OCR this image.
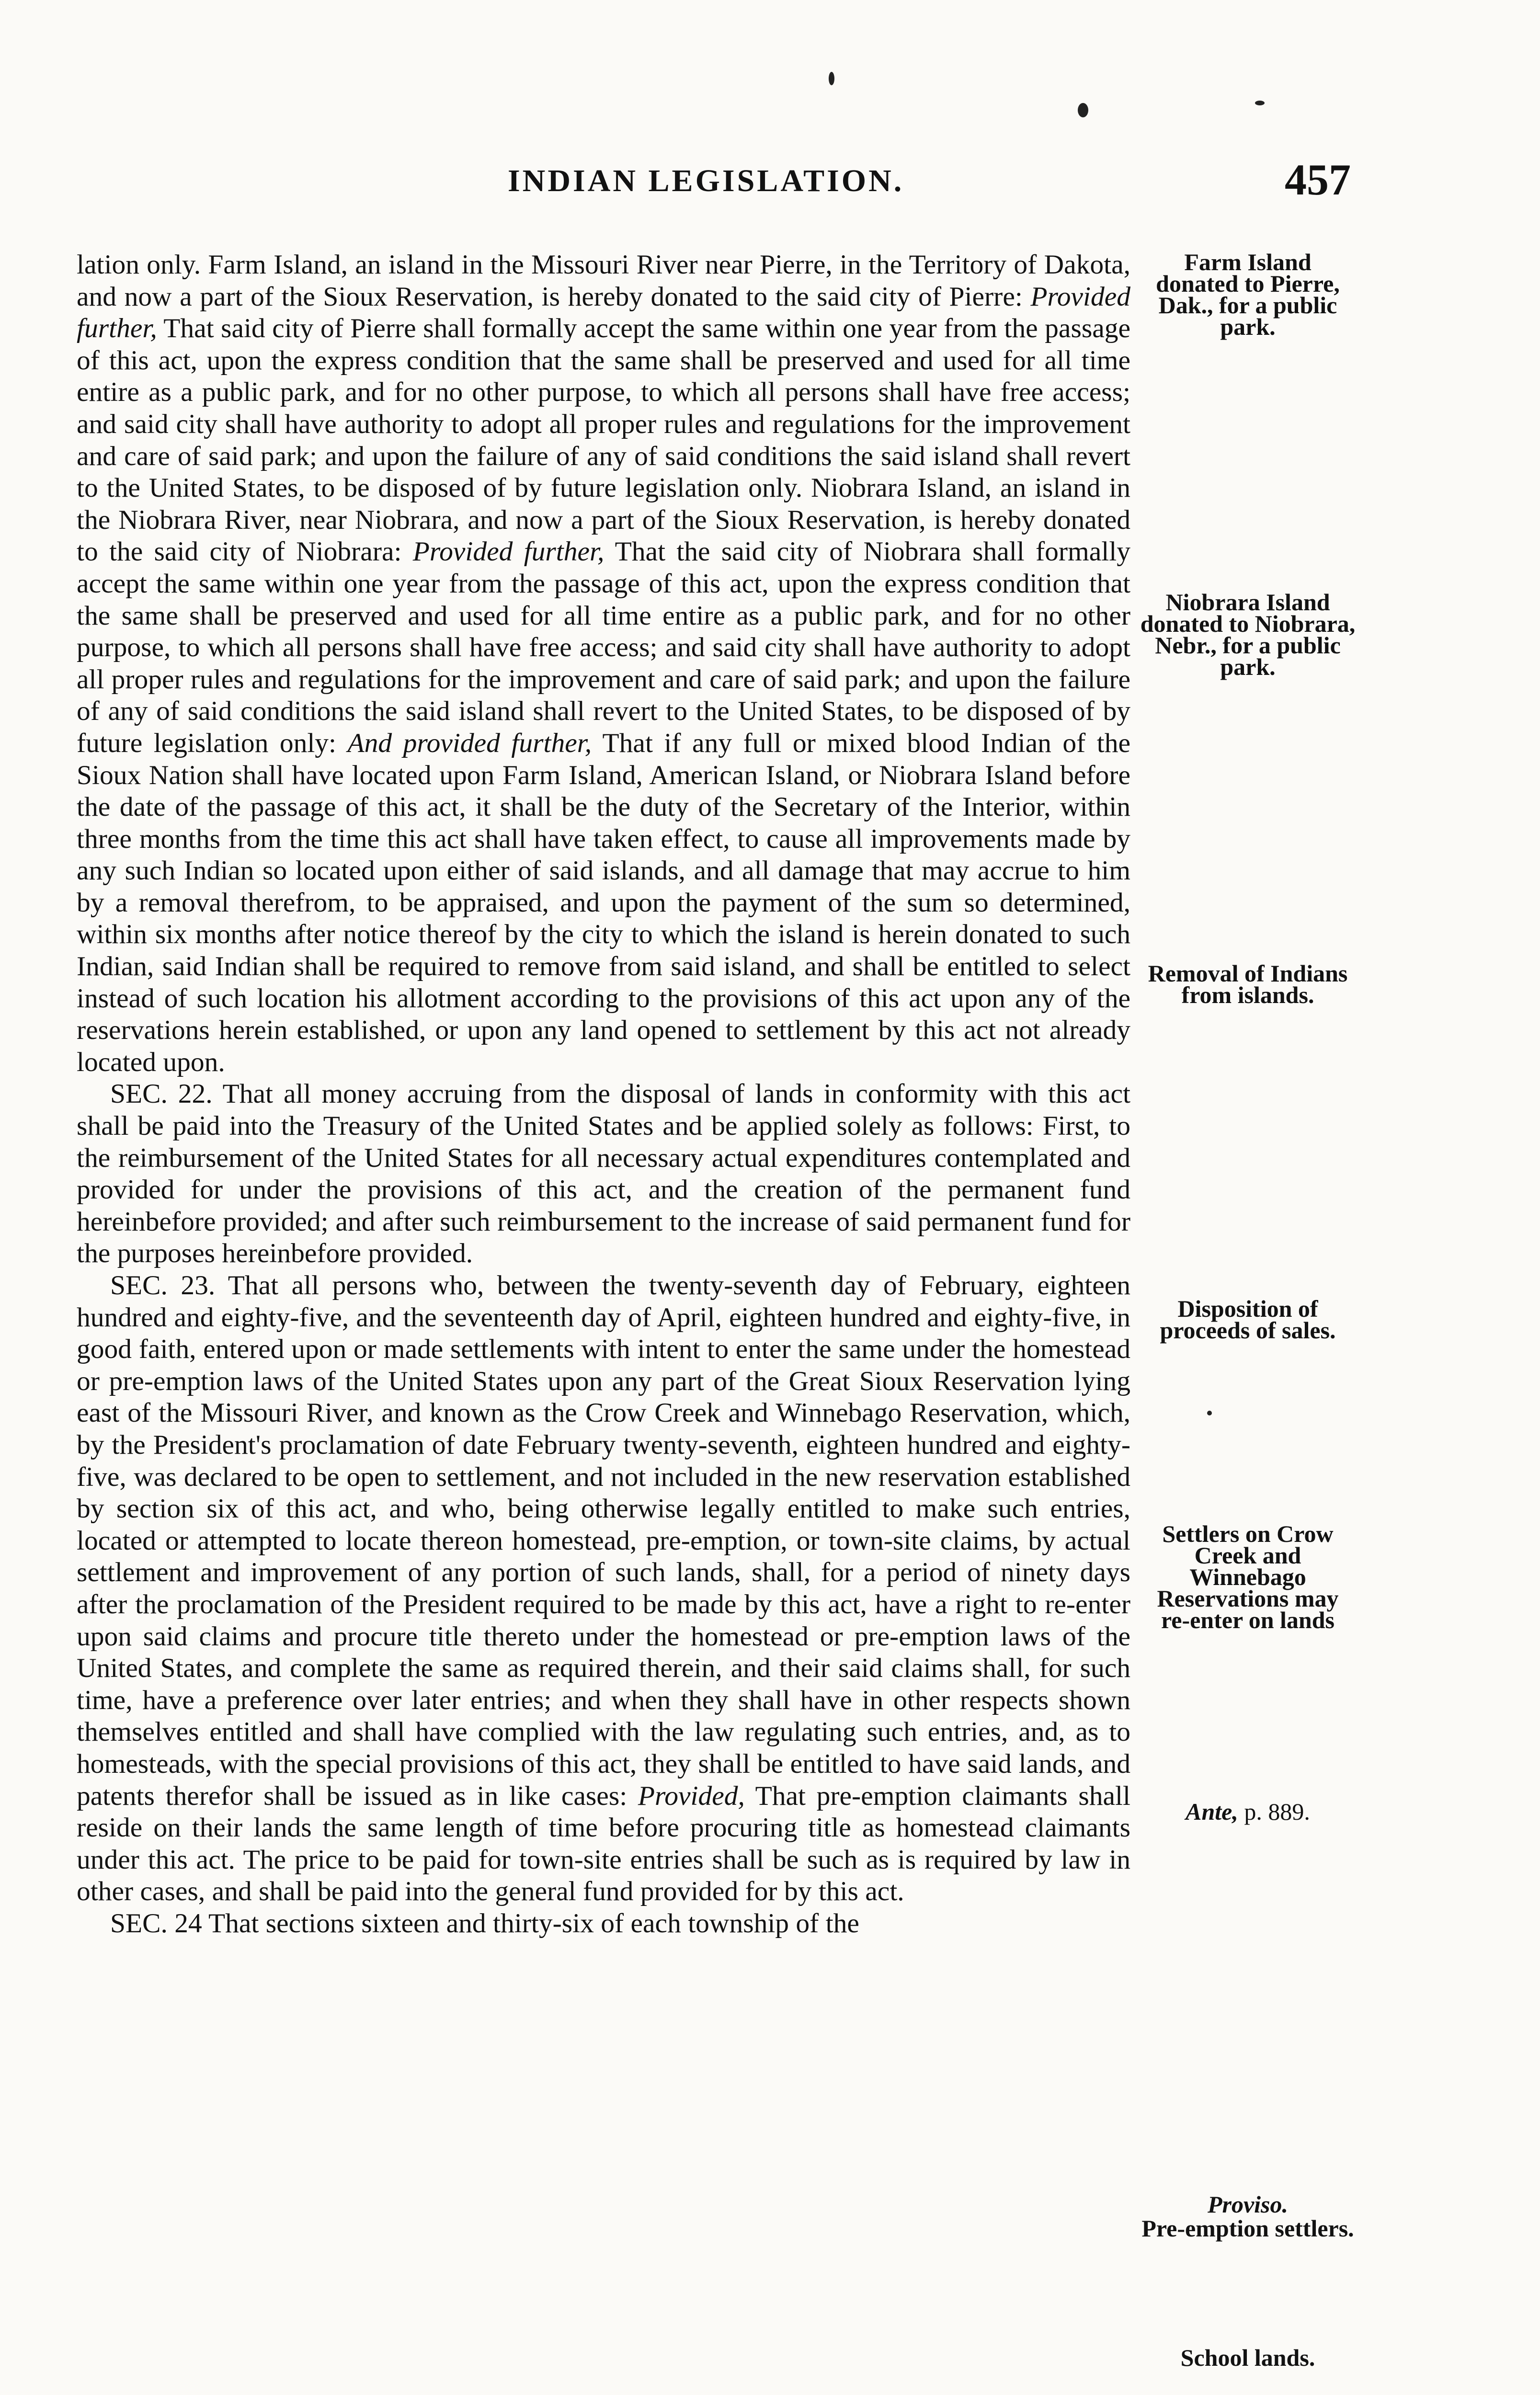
INDIAN LEGISLATION.	457

lation only. Farm Island, an island in the Missouri River near Pierre, in the Territory of Dakota, and now a part of the Sioux Reservation, is hereby donated to the said city of Pierre: Provided further, That said city of Pierre shall formally accept the same within one year from the passage of this act, upon the express condition that the same shall be preserved and used for all time entire as a public park, and for no other purpose, to which all persons shall have free access; and said city shall have authority to adopt all proper rules and regulations for the improvement and care of said park; and upon the failure of any of said conditions the said island shall revert to the United States, to be disposed of by future legislation only. Niobrara Island, an island in the Niobrara River, near Niobrara, and now a part of the Sioux Reservation, is hereby donated to the said city of Niobrara: Provided further, That the said city of Niobrara shall formally accept the same within one year from the passage of this act, upon the express condition that the same shall be preserved and used for all time entire as a public park, and for no other purpose, to which all persons shall have free access; and said city shall have authority to adopt all proper rules and regulations for the improvement and care of said park; and upon the failure of any of said conditions the said island shall revert to the United States, to be disposed of by future legislation only: And provided further, That if any full or mixed blood Indian of the Sioux Nation shall have located upon Farm Island, American Island, or Niobrara Island before the date of the passage of this act, it shall be the duty of the Secretary of the Interior, within three months from the time this act shall have taken effect, to cause all improvements made by any such Indian so located upon either of said islands, and all damage that may accrue to him by a removal therefrom, to be appraised, and upon the payment of the sum so determined, within six months after notice thereof by the city to which the island is herein donated to such Indian, said Indian shall be required to remove from said island, and shall be entitled to select instead of such location his allotment according to the provisions of this act upon any of the reservations herein established, or upon any land opened to settlement by this act not already located upon.

SEC. 22. That all money accruing from the disposal of lands in conformity with this act shall be paid into the Treasury of the United States and be applied solely as follows: First, to the reimbursement of the United States for all necessary actual expenditures contemplated and provided for under the provisions of this act, and the creation of the permanent fund hereinbefore provided; and after such reimbursement to the increase of said permanent fund for the purposes hereinbefore provided.

SEC. 23. That all persons who, between the twenty-seventh day of February, eighteen hundred and eighty-five, and the seventeenth day of April, eighteen hundred and eighty-five, in good faith, entered upon or made settlements with intent to enter the same under the homestead or pre-emption laws of the United States upon any part of the Great Sioux Reservation lying east of the Missouri River, and known as the Crow Creek and Winnebago Reservation, which, by the President's proclamation of date February twenty-seventh, eighteen hundred and eighty-five, was declared to be open to settlement, and not included in the new reservation established by section six of this act, and who, being otherwise legally entitled to make such entries, located or attempted to locate thereon homestead, pre-emption, or town-site claims, by actual settlement and improvement of any portion of such lands, shall, for a period of ninety days after the proclamation of the President required to be made by this act, have a right to re-enter upon said claims and procure title thereto under the homestead or pre-emption laws of the United States, and complete the same as required therein, and their said claims shall, for such time, have a preference over later entries; and when they shall have in other respects shown themselves entitled and shall have complied with the law regulating such entries, and, as to homesteads, with the special provisions of this act, they shall be entitled to have said lands, and patents therefor shall be issued as in like cases: Provided, That pre-emption claimants shall reside on their lands the same length of time before procuring title as homestead claimants under this act. The price to be paid for town-site entries shall be such as is required by law in other cases, and shall be paid into the general fund provided for by this act.

SEC. 24 That sections sixteen and thirty-six of each township of the

Farm Island donated to Pierre, Dak., for a public park.
Niobrara Island donated to Niobrara, Nebr., for a public park.
Removal of Indians from islands.
Disposition of proceeds of sales.
Settlers on Crow Creek and Winnebago Reservations may re-enter on lands
Ante, p. 889.
Proviso.
Pre-emption settlers.
School lands.
